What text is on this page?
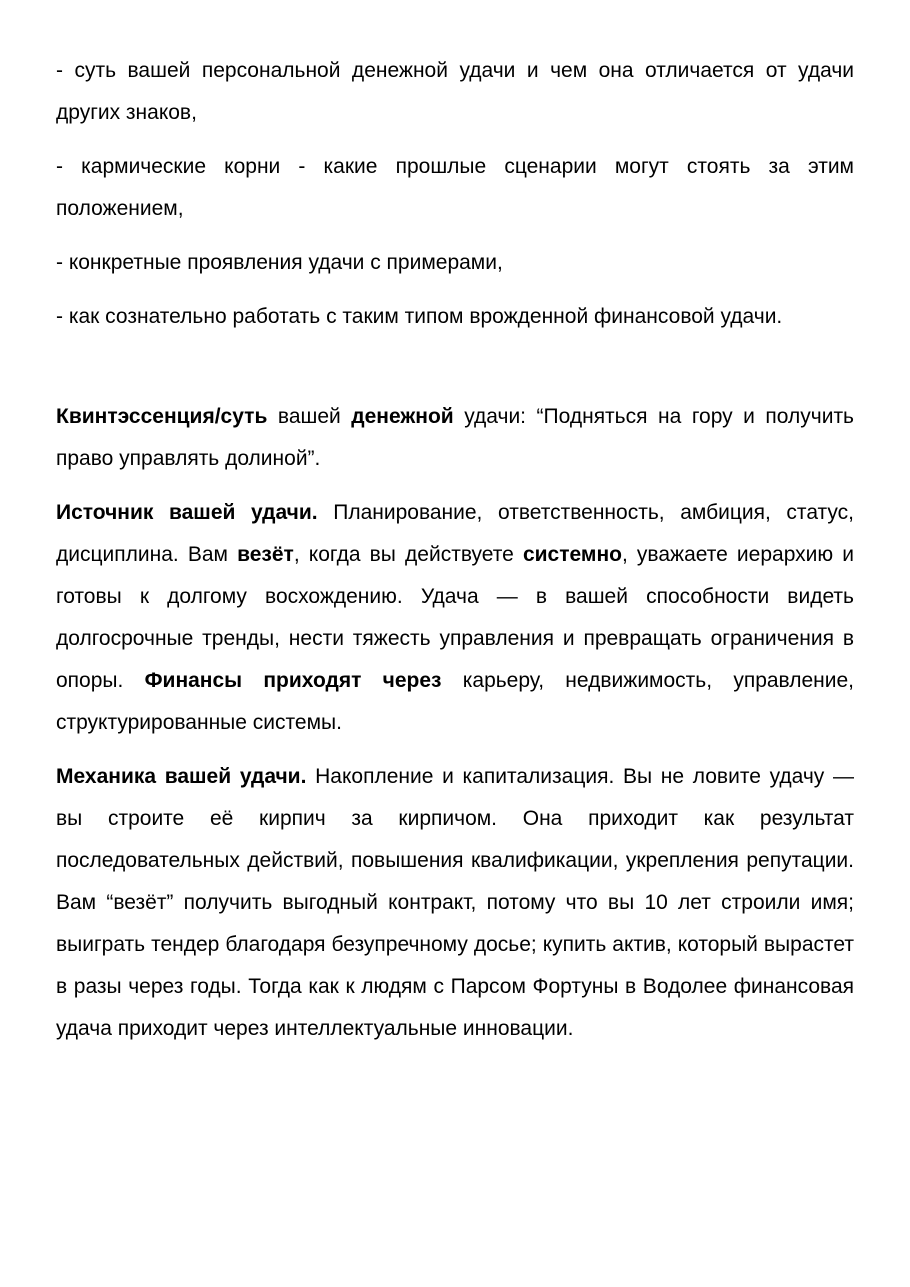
- суть вашей персональной денежной удачи и чем она отличается от удачи других знаков,

- кармические корни - какие прошлые сценарии могут стоять за этим положением,

- конкретные проявления удачи с примерами,

- как сознательно работать с таким типом врожденной финансовой удачи.

Квинтэссенция/суть вашей денежной удачи: “Подняться на гору и получить право управлять долиной”.

Источник вашей удачи. Планирование, ответственность, амбиция, статус, дисциплина. Вам везёт, когда вы действуете системно, уважаете иерархию и готовы к долгому восхождению. Удача — в вашей способности видеть долгосрочные тренды, нести тяжесть управления и превращать ограничения в опоры. Финансы приходят через карьеру, недвижимость, управление, структурированные системы.

Механика вашей удачи. Накопление и капитализация. Вы не ловите удачу — вы строите её кирпич за кирпичом. Она приходит как результат последовательных действий, повышения квалификации, укрепления репутации. Вам “везёт” получить выгодный контракт, потому что вы 10 лет строили имя; выиграть тендер благодаря безупречному досье; купить актив, который вырастет в разы через годы. Тогда как к людям с Парсом Фортуны в Водолее финансовая удача приходит через интеллектуальные инновации.
